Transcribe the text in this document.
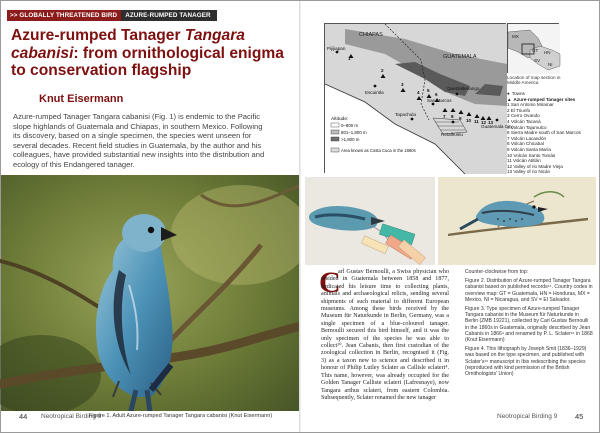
>> GLOBALLY THREATENED BIRD	AZURE-RUMPED TANAGER
Azure-rumped Tanager Tangara cabanisi: from ornithological enigma to conservation flagship
Knut Eisermann
Azure-rumped Tanager Tangara cabanisi (Fig. 1) is endemic to the Pacific slope highlands of Guatemala and Chiapas, in southern Mexico. Following its discovery, based on a single specimen, the species went unseen for several decades. Recent field studies in Guatemala, by the author and his colleagues, have provided substantial new insights into the distribution and ecology of this Endangered tanager.
44 Neotropical Birding 9
Figure 1. Adult Azure-rumped Tanager Tangara cabanisi (Knut Eisermann)
CHIAPAS
GUATEMALA
Pijijiapan
Escuintla
Tapachula
San Marcos
Quetzaltenango
Retalhuleu
Guatemala City
1
2
3
4 5
6
7 8 9 10 11 12 13
Altitude:
0–800 m
801–1,800 m
>1,800 m
Area known as Costa Cuca in the 1860s
MX
GT HN
SV
NI
Location of map section in Middle America
● Towns
▲ Azure-rumped Tanager sites
1 San Antonio Miramar
2 El Triunfo
3 Cerro Ovando
4 Volcán Tacaná
5 Volcán Tajumulco
6 Sierra Madre south of San Marcos
7 Volcán Lacandón
8 Volcán Chicabal
9 Volcán Santa María
10 Volcán Santo Tomás
11 Volcán Atitlán
12 Valley of rio Madre Vieja
13 Valley of rio Nicán
C
arl Gustav Bernoulli, a Swiss physician who resided in Guatemala between 1858 and 1877, dedicated his leisure time to collecting plants, animals and archaeological relicts, sending several shipments of such material to different European museums. Among these birds received by the Museum für Naturkunde in Berlin, Germany, was a single specimen of a blue-coloured tanager. Bernoulli secured this bird himself, and it was the only specimen of the species he was able to collect¹⁰. Jean Cabanis, then first custodian of the zoological collection in Berlin, recognised it (Fig. 3) as a taxon new to science and described it in honour of Philip Lutley Sclater as Callisle sclateri⁴. This name, however, was already occupied for the Golden Tanager Calliste sclateri (Lafresnaye), now Tangara arthus sclateri, from eastern Colombia. Subsequently, Sclater renamed the new tanager

Counter-clockwise from top:

Figure 2. Distribution of Azure-rumped Tanager Tangara cabanisi based on published records¹⁴. Country codes in overview map: GT = Guatemala, HN = Honduras, MX = Mexico, NI = Nicaragua, and SV = El Salvador.

Figure 3. Type specimen of Azure-rumped Tanager Tangara cabanisi in the Museum für Naturkunde in Berlin (ZMB 19221), collected by Carl Gustav Bernoulli in the 1860s in Guatemala, originally described by Jean Cabanis in 1866⁴ and renamed by P. L. Sclater¹⁶ in 1868 (Knut Eisermann)

Figure 4. This lithograph by Joseph Smit (1836–1929) was based on the type specimen, and published with Sclater's¹⁶ manuscript in Ibis redescribing the species (reproduced with kind permission of the British Ornithologists' Union)

Neotropical Birding 9 45
